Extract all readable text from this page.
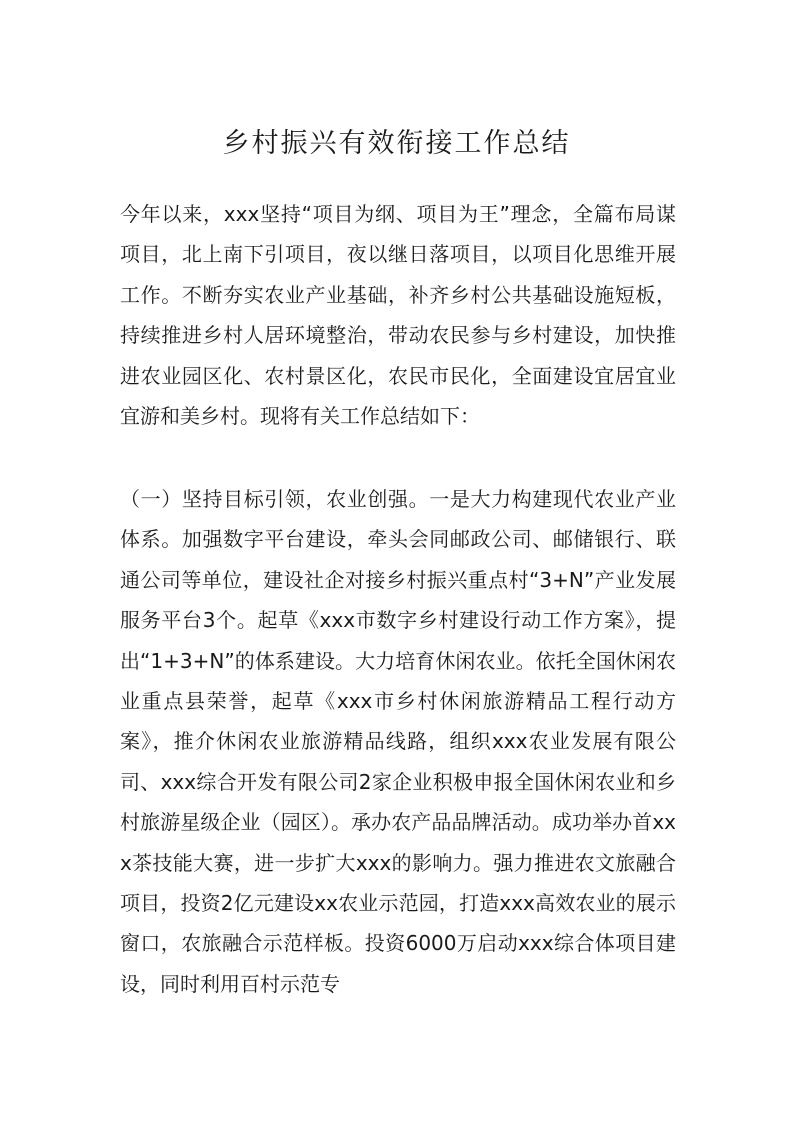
乡村振兴有效衔接工作总结

今年以来，xxx坚持“项目为纲、项目为王”理念，全篇布局谋项目，北上南下引项目，夜以继日落项目，以项目化思维开展工作。不断夯实农业产业基础，补齐乡村公共基础设施短板，持续推进乡村人居环境整治，带动农民参与乡村建设，加快推进农业园区化、农村景区化，农民市民化，全面建设宜居宜业宜游和美乡村。现将有关工作总结如下：

（一）坚持目标引领，农业创强。一是大力构建现代农业产业体系。加强数字平台建设，牵头会同邮政公司、邮储银行、联通公司等单位，建设社企对接乡村振兴重点村“3+N”产业发展服务平台3个。起草《xxx市数字乡村建设行动工作方案》，提出“1+3+N”的体系建设。大力培育休闲农业。依托全国休闲农业重点县荣誉，起草《xxx市乡村休闲旅游精品工程行动方案》，推介休闲农业旅游精品线路，组织xxx农业发展有限公司、xxx综合开发有限公司2家企业积极申报全国休闲农业和乡村旅游星级企业（园区）。承办农产品品牌活动。成功举办首xxx茶技能大赛，进一步扩大xxx的影响力。强力推进农文旅融合项目，投资2亿元建设xx农业示范园，打造xxx高效农业的展示窗口，农旅融合示范样板。投资6000万启动xxx综合体项目建设，同时利用百村示范专
